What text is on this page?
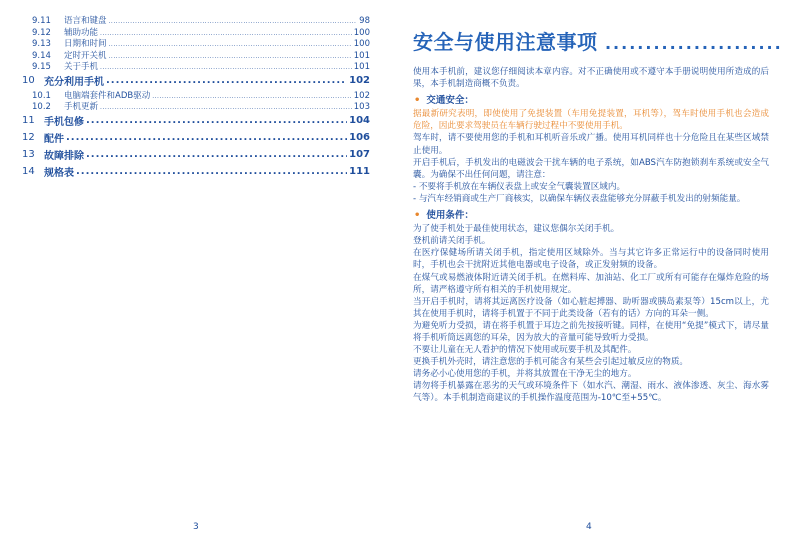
9.11	语言和键盘 .....	98
9.12	辅助功能 .....	100
9.13	日期和时间 .....	100
9.14	定时开关机 .....	101
9.15	关于手机 .....	101
10 充分利用手机 .....	102
10.1	电脑端套件和ADB驱动 .....	102
10.2	手机更新 .....	103
11 手机包修 .....	104
12 配件 .....	106
13 故障排除 .....	107
14 规格表 .....	111
3
安全与使用注意事项 ......................

使用本手机前，建议您仔细阅读本章内容。对不正确使用或不遵守本手册说明使用所造成的后果，本手机制造商概不负责。

• 交通安全：

据最新研究表明，即使使用了免提装置（车用免提装置，耳机等），驾车时使用手机也会造成危险，因此要求驾驶员在车辆行驶过程中不要使用手机。

驾车时，请不要使用您的手机和耳机听音乐或广播。使用耳机同样也十分危险且在某些区域禁止使用。

开启手机后，手机发出的电磁波会干扰车辆的电子系统，如ABS汽车防抱锁刹车系统或安全气囊。为确保不出任何问题，请注意：

- 不要将手机放在车辆仪表盘上或安全气囊装置区域内。

- 与汽车经销商或生产厂商核实，以确保车辆仪表盘能够充分屏蔽手机发出的射频能量。

• 使用条件：

为了使手机处于最佳使用状态，建议您偶尔关闭手机。

登机前请关闭手机。

在医疗保健场所请关闭手机，指定使用区域除外。当与其它许多正常运行中的设备同时使用时，手机也会干扰附近其他电器或电子设备，或正发射频的设备。

在煤气或易燃液体附近请关闭手机。在燃料库、加油站、化工厂或所有可能存在爆炸危险的场所，请严格遵守所有相关的手机使用规定。

当开启手机时，请将其远离医疗设备（如心脏起搏器、助听器或胰岛素泵等）15cm以上，尤其在使用手机时，请将手机置于不同于此类设备（若有的话）方向的耳朵一侧。

为避免听力受损，请在将手机置于耳边之前先按接听键。同样，在使用“免提”模式下，请尽量将手机听筒远离您的耳朵，因为放大的音量可能导致听力受损。

不要让儿童在无人看护的情况下使用或玩要手机及其配件。

更换手机外壳时，请注意您的手机可能含有某些会引起过敏反应的物质。

请务必小心使用您的手机，并将其放置在干净无尘的地方。

请勿将手机暴露在恶劣的天气或环境条件下（如水汽、潮湿、雨水、液体渗透、灰尘、海水雾气等）。本手机制造商建议的手机操作温度范围为-10℃至+55℃。

4
